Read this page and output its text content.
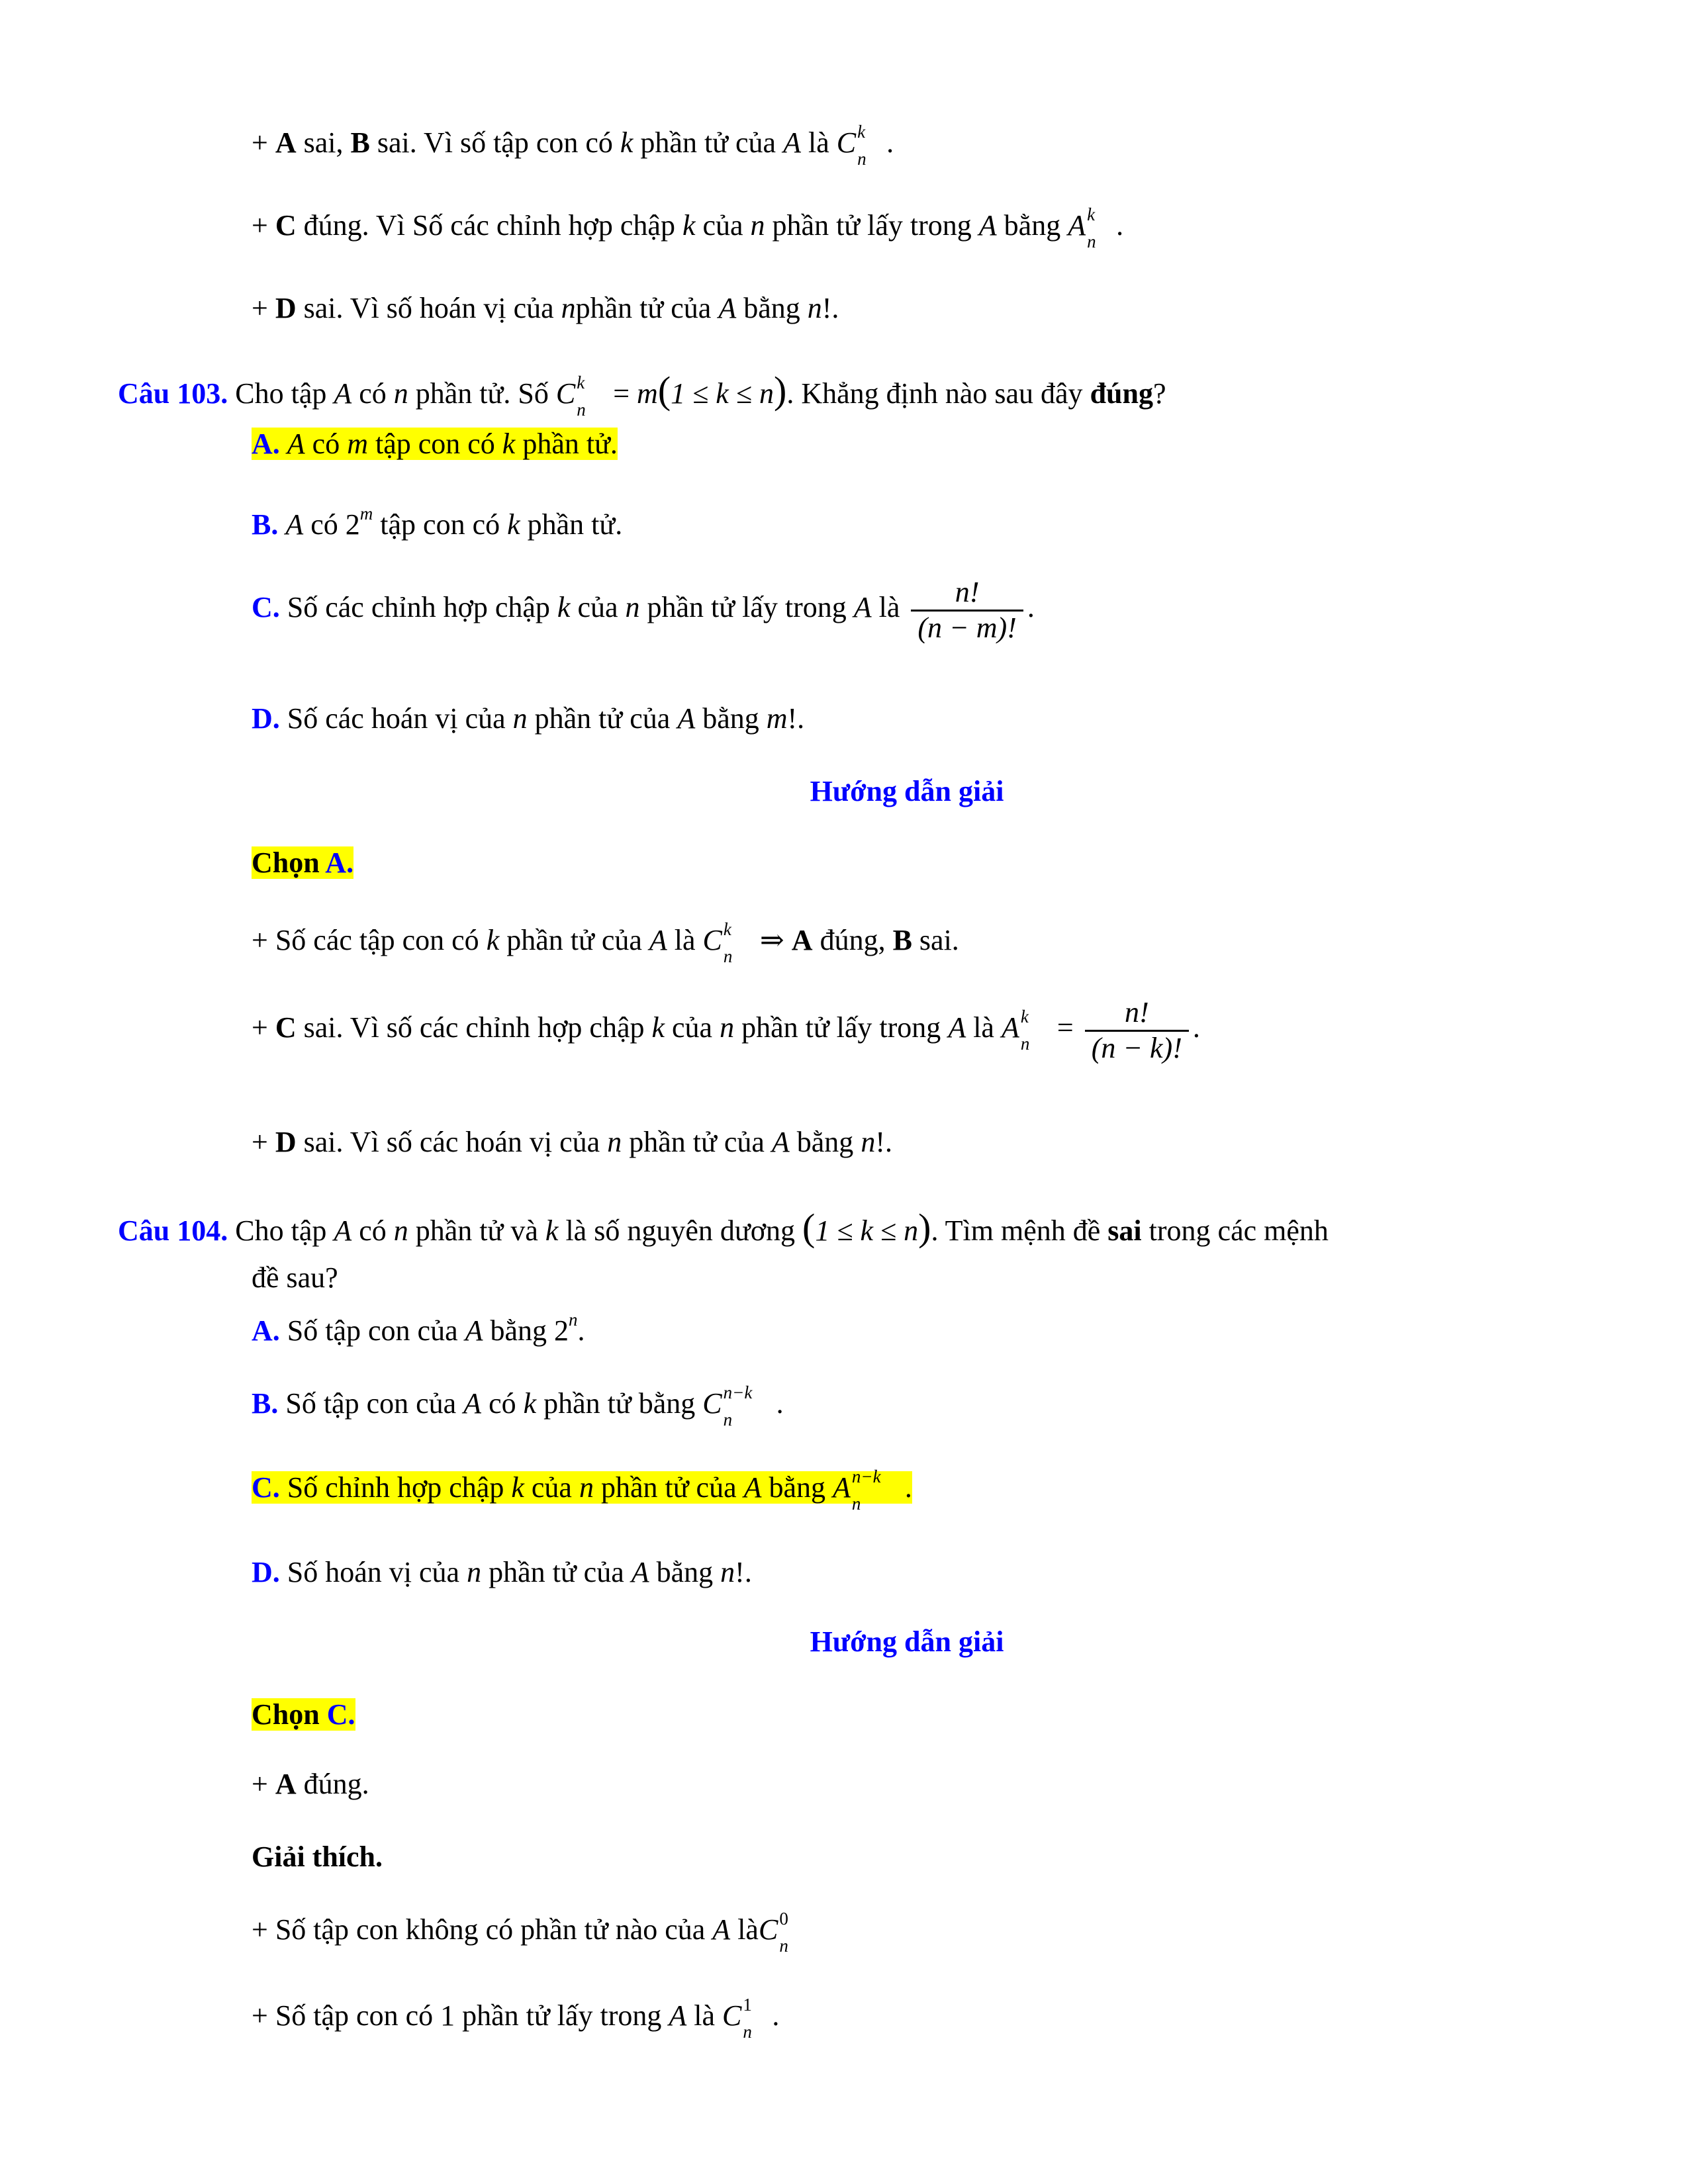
+ A sai, B sai. Vì số tập con có k phần tử của A là C k
n .
+ C đúng. Vì Số các chỉnh hợp chập k của n phần tử lấy trong A bằng A k
n .
+ D sai. Vì số hoán vị của nphần tử của A bằng n!.
Câu 103. Cho tập A có n phần tử. Số C k
n = m(1 ≤ k ≤ n). Khẳng định nào sau đây đúng?
A. A có m tập con có k phần tử.
B. A có 2$^m$ tập con có k phần tử.
C. Số các chỉnh hợp chập k của n phần tử lấy trong A là $\frac{n!}{(n - m)!}$ .
D. Số các hoán vị của n phần tử của A bằng m!.
Hướng dẫn giải
Chọn A.
+ Số các tập con có k phần tử của A là C k
n ⇒ A đúng, B sai.
+ C sai. Vì số các chỉnh hợp chập k của n phần tử lấy trong A là A k
$n = \frac{n!}{(n - k)!}$ .
+ D sai. Vì số các hoán vị của n phần tử của A bằng n!.
Câu 104. Cho tập A có n phần tử và k là số nguyên dương (1 ≤ k ≤ n). Tìm mệnh đề sai trong các mệnh
đề sau?
A. Số tập con của A bằng 2$^n$.
B. Số tập con của A có k phần tử bằng C n−k
n .
C. Số chỉnh hợp chập k của n phần tử của A bằng A n−k
n .
D. Số hoán vị của n phần tử của A bằng n!.
Hướng dẫn giải
Chọn C.
+ A đúng.
Giải thích.
+ Số tập con không có phần tử nào của A làC 0
n
+ Số tập con có 1 phần tử lấy trong A là C 1
n .
